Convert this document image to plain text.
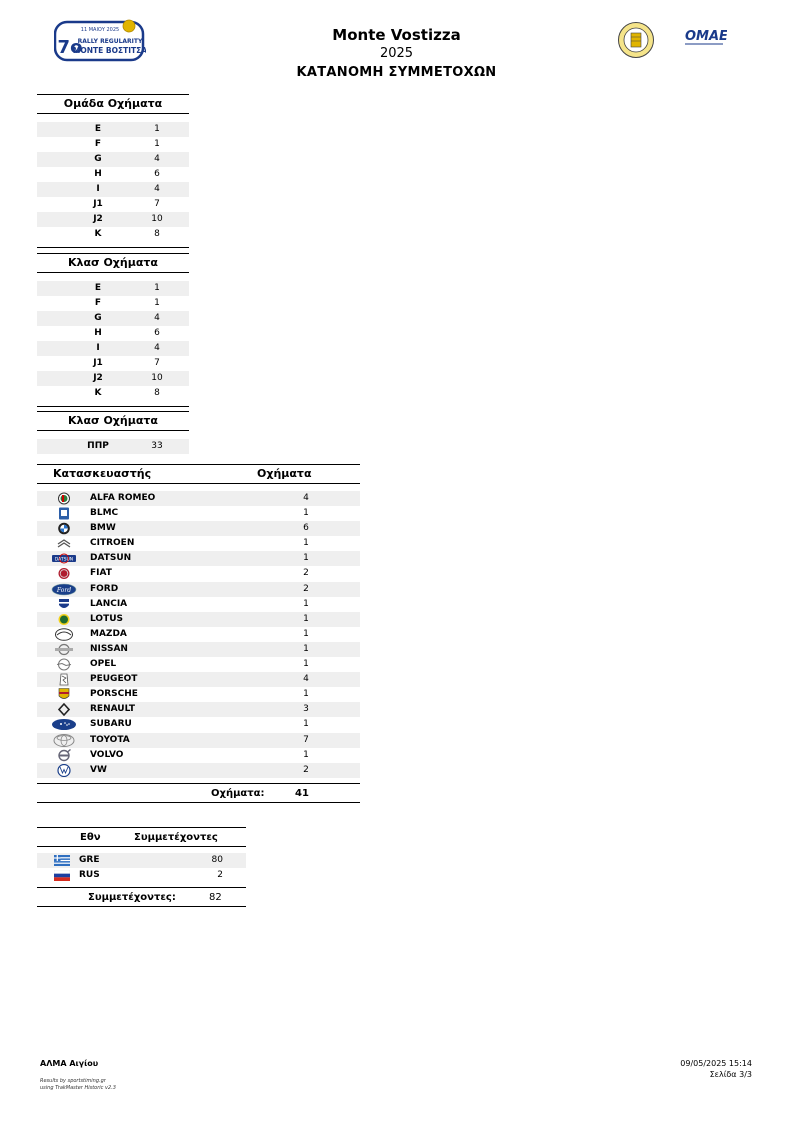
11 ΜΑΙΟΥ 2025
7ο
RALLY REGULARITY
MONTE ΒΟΣΤΙΤΣΑ
Monte Vostizza
2025
ΚΑΤΑΝΟΜΗ ΣΥΜΜΕΤΟΧΩΝ
OMAE
Ομάδα Οχήματα
E	1
F	1
G	4
H	6
I	4
J1	7
J2	10
K	8
Κλασ Οχήματα
E	1
F	1
G	4
H	6
I	4
J1	7
J2	10
K	8
Κλασ Οχήματα
ΠΠΡ	33
Κατασκευαστής	Οχήματα
ALFA ROMEO	4
BLMC	1
BMW	6
CITROEN	1
DATSUN DATSUN	1
FIAT	2
Ford FORD	2
LANCIA	1
LOTUS	1
MAZDA	1
NISSAN	1
OPEL	1
PEUGEOT	4
PORSCHE	1
RENAULT	3
SUBARU	1
TOYOTA	7
VOLVO	1
VW	2
Οχήματα:	41
Εθν	Συμμετέχοντες
GRE	80
RUS	2
Συμμετέχοντες:	82
ΑΛΜΑ Αιγίου
Results by sportstiming.gr
using TrakMaster Historic v2.3
09/05/2025 15:14
Σελίδα 3/3
